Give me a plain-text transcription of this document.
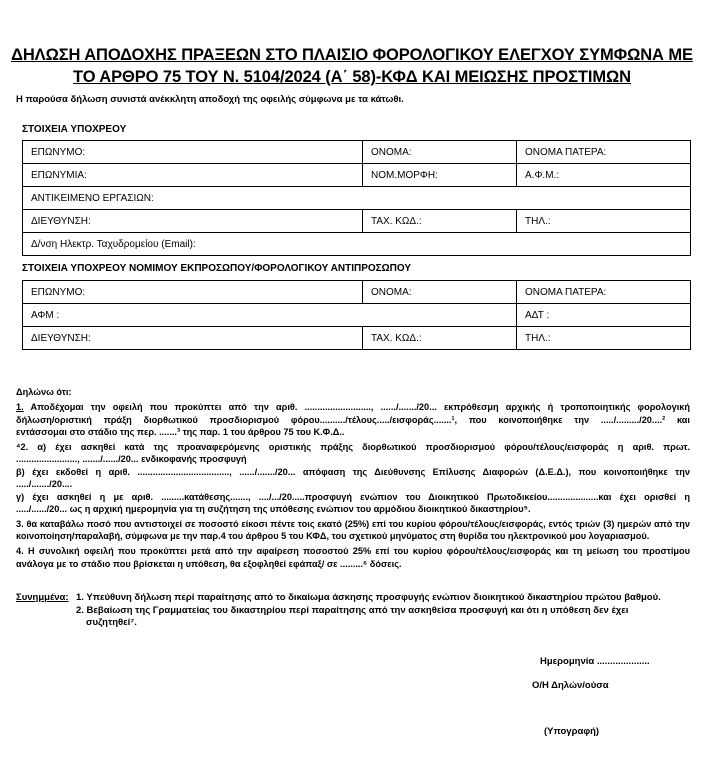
ΔΗΛΩΣΗ ΑΠΟΔΟΧΗΣ ΠΡΑΞΕΩΝ ΣΤΟ ΠΛΑΙΣΙΟ ΦΟΡΟΛΟΓΙΚΟΥ ΕΛΕΓΧΟΥ ΣΥΜΦΩΝΑ ΜΕ
ΤΟ ΑΡΘΡΟ 75 ΤΟΥ Ν. 5104/2024 (Α΄ 58)-ΚΦΔ ΚΑΙ ΜΕΙΩΣΗΣ ΠΡΟΣΤΙΜΩΝ
Η παρούσα δήλωση συνιστά ανέκκλητη αποδοχή της οφειλής σύμφωνα με τα κάτωθι.
ΣΤΟΙΧΕΙΑ ΥΠΟΧΡΕΟΥ
ΕΠΩΝΥΜΟ:	ΟΝΟΜΑ:	ΟΝΟΜΑ ΠΑΤΕΡΑ:
ΕΠΩΝΥΜΙΑ:	ΝΟΜ.ΜΟΡΦΗ:	Α.Φ.Μ.:
ΑΝΤΙΚΕΙΜΕΝΟ ΕΡΓΑΣΙΩΝ:		
ΔΙΕΥΘΥΝΣΗ:	ΤΑΧ. ΚΩΔ.:	ΤΗΛ.:
Δ/νση Ηλεκτρ. Ταχυδρομείου (Email):		
ΣΤΟΙΧΕΙΑ ΥΠΟΧΡΕΟΥ ΝΟΜΙΜΟΥ ΕΚΠΡΟΣΩΠΟΥ/ΦΟΡΟΛΟΓΙΚΟΥ ΑΝΤΙΠΡΟΣΩΠΟΥ
ΕΠΩΝΥΜΟ:	ΟΝΟΜΑ:	ΟΝΟΜΑ ΠΑΤΕΡΑ:
ΑΦΜ :		ΑΔΤ :
ΔΙΕΥΘΥΝΣΗ:	ΤΑΧ. ΚΩΔ.:	ΤΗΛ.:

Δηλώνω ότι:

1. Αποδέχομαι την οφειλή που προκύπτει από την αριθ. .........................., ....../......./20... εκπρόθεσμη αρχικής ή τροποποιητικής φορολογική
δήλωση/οριστική πράξη διορθωτικού προσδιορισμού φόρου........../τέλους...../εισφοράς.......¹, που κοινοποιήθηκε την ...../........./20....² και
εντάσσομαι στο στάδιο της περ. .......³ της παρ. 1 του άρθρου 75 του Κ.Φ.Δ..
⁴2. α) έχει ασκηθεί κατά της προαναφερόμενης οριστικής πράξης διορθωτικού προσδιορισμού φόρου/τέλους/εισφοράς η αριθ. πρωτ.
........................, ......./....../20... ενδικοφανής προσφυγή
β) έχει εκδοθεί η αριθ. ...................................., ....../......./20... απόφαση της Διεύθυνσης Επίλυσης Διαφορών (Δ.Ε.Δ.), που κοινοποιήθηκε την
...../......./20....
γ) έχει ασκηθεί η με αριθ. .........κατάθεσης......., ..../.../20.....προσφυγή ενώπιον του Διοικητικού Πρωτοδικείου....................και έχει ορισθεί η
...../....../20... ως η αρχική ημερομηνία για τη συζήτηση της υπόθεσης ενώπιον του αρμόδιου διοικητικού δικαστηρίου⁵.

3. θα καταβάλω ποσό που αντιστοιχεί σε ποσοστό είκοσι πέντε τοις εκατό (25%) επί του κυρίου φόρου/τέλους/εισφοράς, εντός τριών (3) ημερών από την κοινοποίηση/παραλαβή, σύμφωνα με την παρ.4 του άρθρου 5 του ΚΦΔ, του σχετικού μηνύματος στη θυρίδα του ηλεκτρονικού μου λογαριασμού.

4. Η συνολική οφειλή που προκύπτει μετά από την αφαίρεση ποσοστού 25% επί του κυρίου φόρου/τέλους/εισφοράς και τη μείωση του προστίμου ανάλογα με το στάδιο που βρίσκεται η υπόθεση, θα εξοφληθεί εφάπαξ/ σε .........⁶ δόσεις.

Συνημμένα: 1. Υπεύθυνη δήλωση περί παραίτησης από το δικαίωμα άσκησης προσφυγής ενώπιον διοικητικού δικαστηρίου πρώτου βαθμού.
2. Βεβαίωση της Γραμματείας του δικαστηρίου περί παραίτησης από την ασκηθείσα προσφυγή και ότι η υπόθεση δεν έχει
συζητηθεί⁷.
Ημερομηνία ....................
Ο/Η Δηλών/ούσα
(Υπογραφή)
